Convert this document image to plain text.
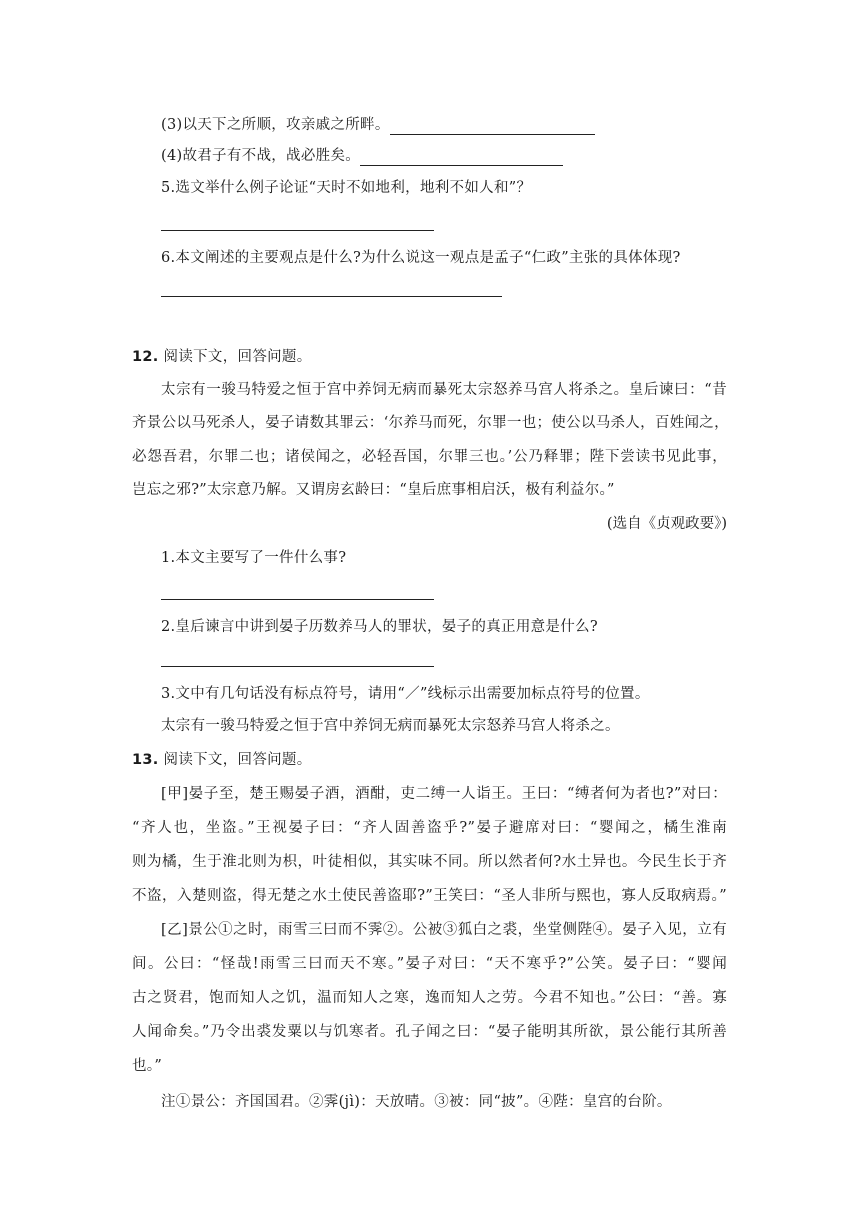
(3)以天下之所顺，攻亲戚之所畔。
(4)故君子有不战，战必胜矣。
5.选文举什么例子论证“天时不如地利，地利不如人和”？
6.本文阐述的主要观点是什么?为什么说这一观点是孟子“仁政”主张的具体体现?
12. 阅读下文，回答问题。
太宗有一骏马特爱之恒于宫中养饲无病而暴死太宗怒养马宫人将杀之。皇后谏曰：“昔
齐景公以马死杀人，晏子请数其罪云：‘尔养马而死，尔罪一也；使公以马杀人，百姓闻之，
必怨吾君，尔罪二也；诸侯闻之，必轻吾国，尔罪三也。’公乃释罪；陛下尝读书见此事，
岂忘之邪?”太宗意乃解。又谓房玄龄曰：“皇后庶事相启沃，极有利益尔。”
(选自《贞观政要》)
1.本文主要写了一件什么事?
2.皇后谏言中讲到晏子历数养马人的罪状，晏子的真正用意是什么?
3.文中有几句话没有标点符号，请用“／”线标示出需要加标点符号的位置。
太宗有一骏马特爱之恒于宫中养饲无病而暴死太宗怒养马宫人将杀之。
13. 阅读下文，回答问题。
[甲]晏子至，楚王赐晏子酒，酒酣，吏二缚一人诣王。王曰：“缚者何为者也?”对曰：
“齐人也，坐盗。”王视晏子曰：“齐人固善盗乎?”晏子避席对曰：“婴闻之，橘生淮南
则为橘，生于淮北则为枳，叶徒相似，其实味不同。所以然者何?水土异也。今民生长于齐
不盗，入楚则盗，得无楚之水土使民善盗耶?”王笑曰：“圣人非所与熙也，寡人反取病焉。”
[乙]景公①之时，雨雪三曰而不霁②。公被③狐白之裘，坐堂侧陛④。晏子入见，立有
间。公曰：“怪哉!雨雪三曰而天不寒。”晏子对曰：“天不寒乎?”公笑。晏子曰：“婴闻
古之贤君，饱而知人之饥，温而知人之寒，逸而知人之劳。今君不知也。”公曰：“善。寡
人闻命矣。”乃令出裘发粟以与饥寒者。孔子闻之曰：“晏子能明其所欲，景公能行其所善
也。”
注①景公：齐国国君。②霁(jì)：天放晴。③被：同“披”。④陛：皇宫的台阶。
